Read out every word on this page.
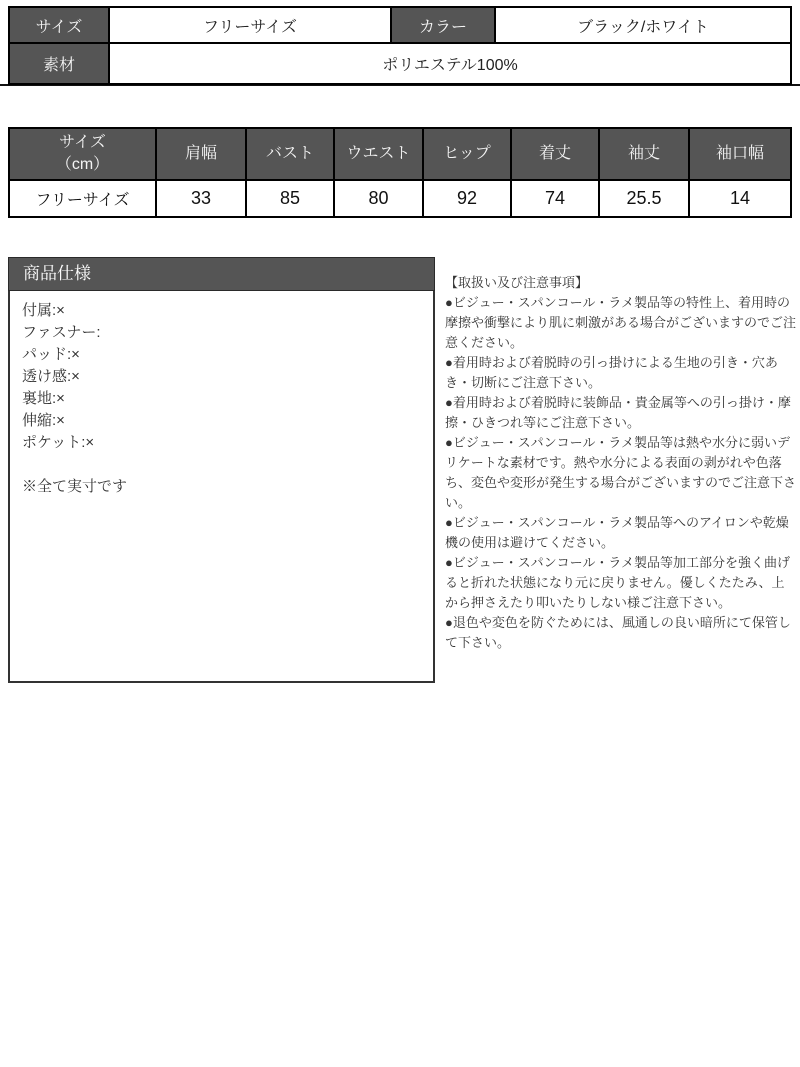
サイズ	フリーサイズ	カラー	ブラック/ホワイト
素材	ポリエステル100%		
サイズ
（cm）	肩幅	バスト	ウエスト	ヒップ	着丈	袖丈	袖口幅
フリーサイズ	33	85	80	92	74	25.5	14
商品仕様
付属:×
ファスナー:
パッド:×
透け感:×
裏地:×
伸縮:×
ポケット:×
※全て実寸です

【取扱い及び注意事項】

●ビジュー・スパンコール・ラメ製品等の特性上、着用時の摩擦や衝撃により肌に刺激がある場合がございますのでご注意ください。

●着用時および着脱時の引っ掛けによる生地の引き・穴あき・切断にご注意下さい。

●着用時および着脱時に装飾品・貴金属等への引っ掛け・摩擦・ひきつれ等にご注意下さい。

●ビジュー・スパンコール・ラメ製品等は熱や水分に弱いデリケートな素材です。熱や水分による表面の剥がれや色落ち、変色や変形が発生する場合がございますのでご注意下さい。

●ビジュー・スパンコール・ラメ製品等へのアイロンや乾燥機の使用は避けてください。

●ビジュー・スパンコール・ラメ製品等加工部分を強く曲げると折れた状態になり元に戻りません。優しくたたみ、上から押さえたり叩いたりしない様ご注意下さい。

●退色や変色を防ぐためには、風通しの良い暗所にて保管して下さい。
